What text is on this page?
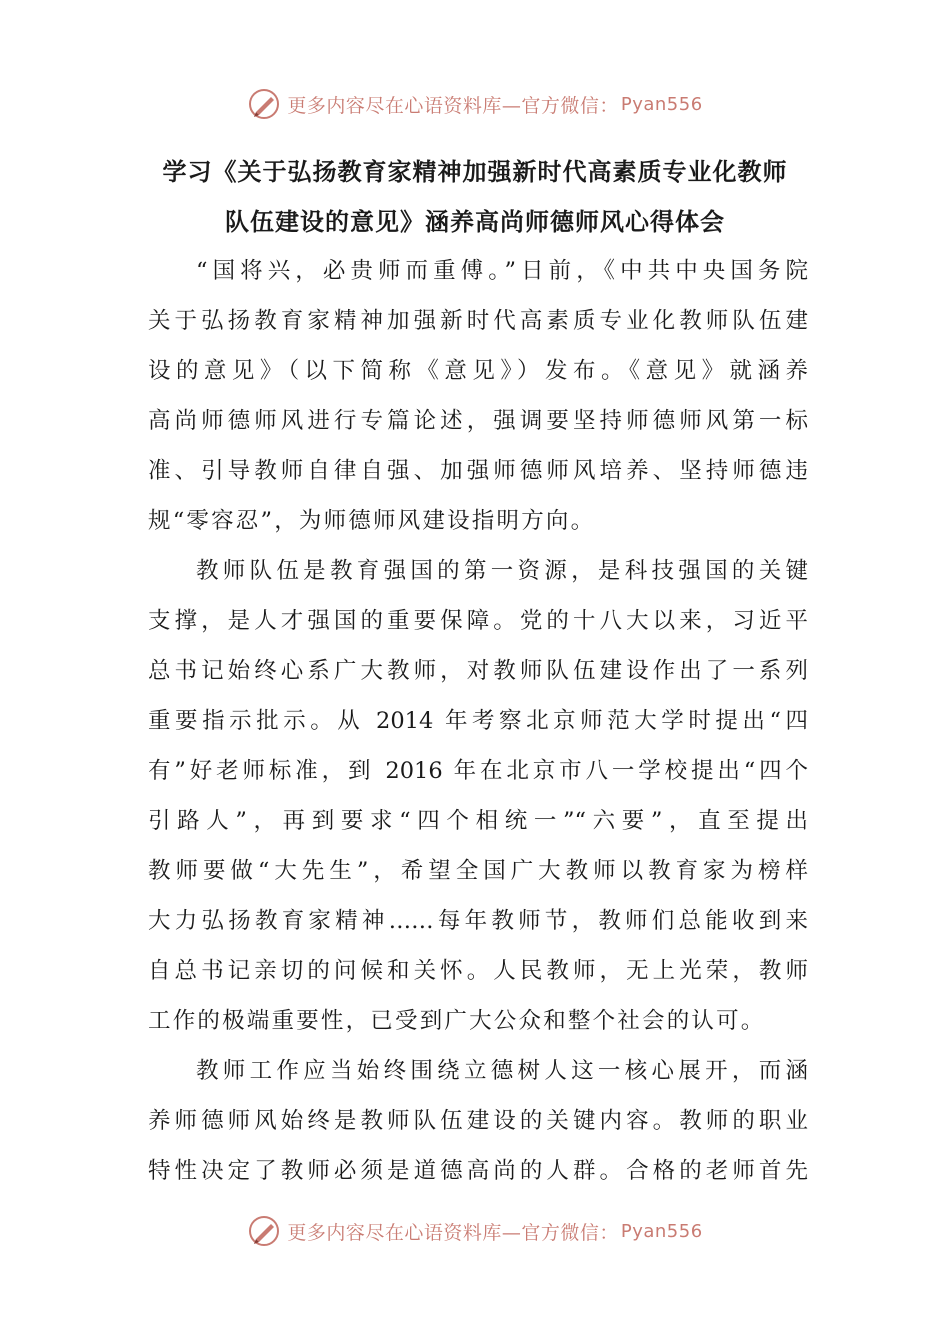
更多内容尽在心语资料库—官方微信： Pyan556
学习《关于弘扬教育家精神加强新时代高素质专业化教师
队伍建设的意见》涵养高尚师德师风心得体会
“国将兴，必贵师而重傅。”日前，《中共中央国务院
关于弘扬教育家精神加强新时代高素质专业化教师队伍建
设的意见》（以下简称《意见》）发布。《意见》就涵养
高尚师德师风进行专篇论述，强调要坚持师德师风第一标
准、引导教师自律自强、加强师德师风培养、坚持师德违
规“零容忍”，为师德师风建设指明方向。
教师队伍是教育强国的第一资源，是科技强国的关键
支撑，是人才强国的重要保障。党的十八大以来，习近平
总书记始终心系广大教师，对教师队伍建设作出了一系列
重要指示批示。从 2014 年考察北京师范大学时提出“四
有”好老师标准，到 2016 年在北京市八一学校提出“四个
引路人”，再到要求“四个相统一”“六要”，直至提出
教师要做“大先生”，希望全国广大教师以教育家为榜样
大力弘扬教育家精神……每年教师节，教师们总能收到来
自总书记亲切的问候和关怀。人民教师，无上光荣，教师
工作的极端重要性，已受到广大公众和整个社会的认可。
教师工作应当始终围绕立德树人这一核心展开，而涵
养师德师风始终是教师队伍建设的关键内容。教师的职业
特性决定了教师必须是道德高尚的人群。合格的老师首先
更多内容尽在心语资料库—官方微信： Pyan556
